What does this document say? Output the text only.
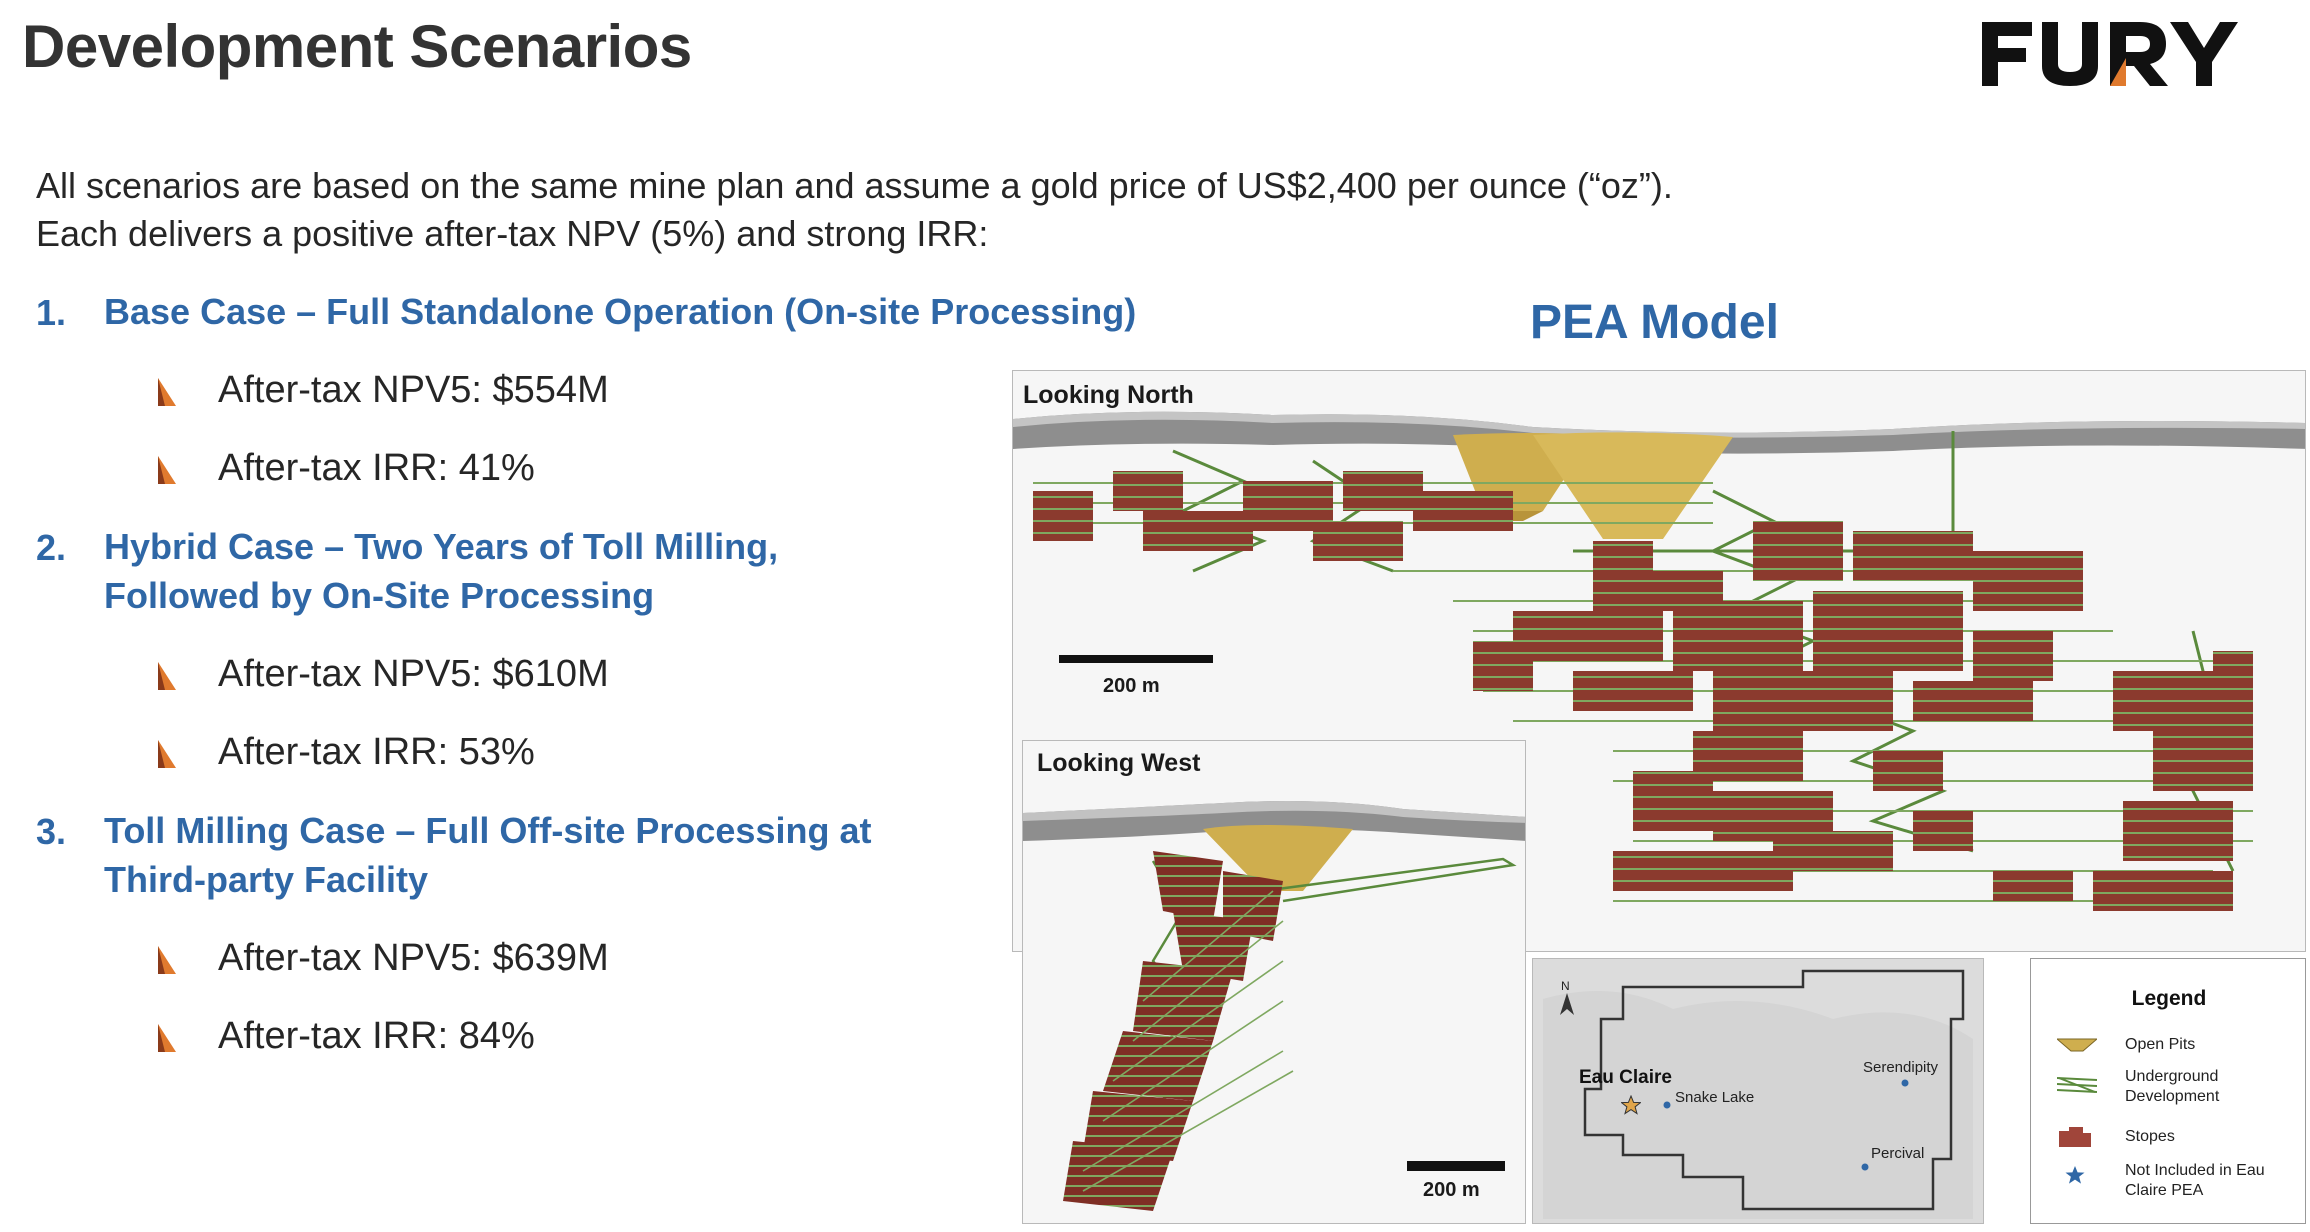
Development Scenarios
All scenarios are based on the same mine plan and assume a gold price of US$2,400 per ounce (“oz”).
Each delivers a positive after-tax NPV (5%) and strong IRR:
1. Base Case – Full Standalone Operation (On-site Processing)
After-tax NPV5: $554M
After-tax IRR: 41%
2. Hybrid Case – Two Years of Toll Milling,
Followed by On-Site Processing
After-tax NPV5: $610M
After-tax IRR: 53%
3. Toll Milling Case – Full Off-site Processing at
Third-party Facility
After-tax NPV5: $639M
After-tax IRR: 84%
PEA Model
Looking North
200 m
Looking West
200 m
N
Eau Claire
Snake Lake
Serendipity
Percival
Legend
Open Pits
Underground Development
Stopes
Not Included in Eau Claire PEA
